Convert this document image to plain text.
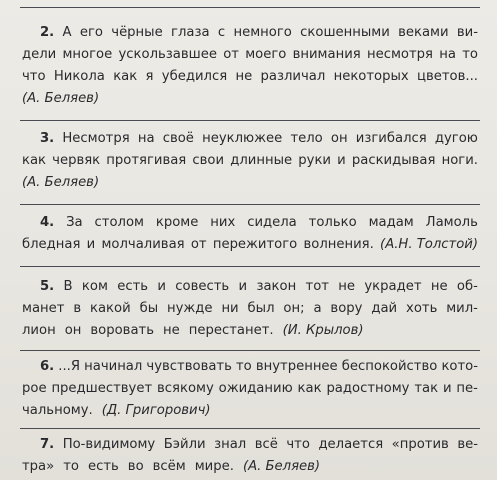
2. А его чёрные глаза с немного скошенными веками ви-
дели многое ускользавшее от моего внимания несмотря на то
что Никола как я убедился не различал некоторых цветов...
(А. Беляев)
3. Несмотря на своё неуклюжее тело он изгибался дугою
как червяк протягивая свои длинные руки и раскидывая ноги.
(А. Беляев)
4. За столом кроме них сидела только мадам Ламоль
бледная и молчаливая от пережитого волнения. (А.Н. Толстой)
5. В ком есть и совесть и закон тот не украдет не об-
манет в какой бы нужде ни был он; а вору дай хоть мил-
лион он воровать не перестанет. (И. Крылов)
6. ...Я начинал чувствовать то внутреннее беспокойство кото-
рое предшествует всякому ожиданию как радостному так и пе-
чальному. (Д. Григорович)
7. По-видимому Бэйли знал всё что делается «против ве-
тра» то есть во всём мире. (А. Беляев)
